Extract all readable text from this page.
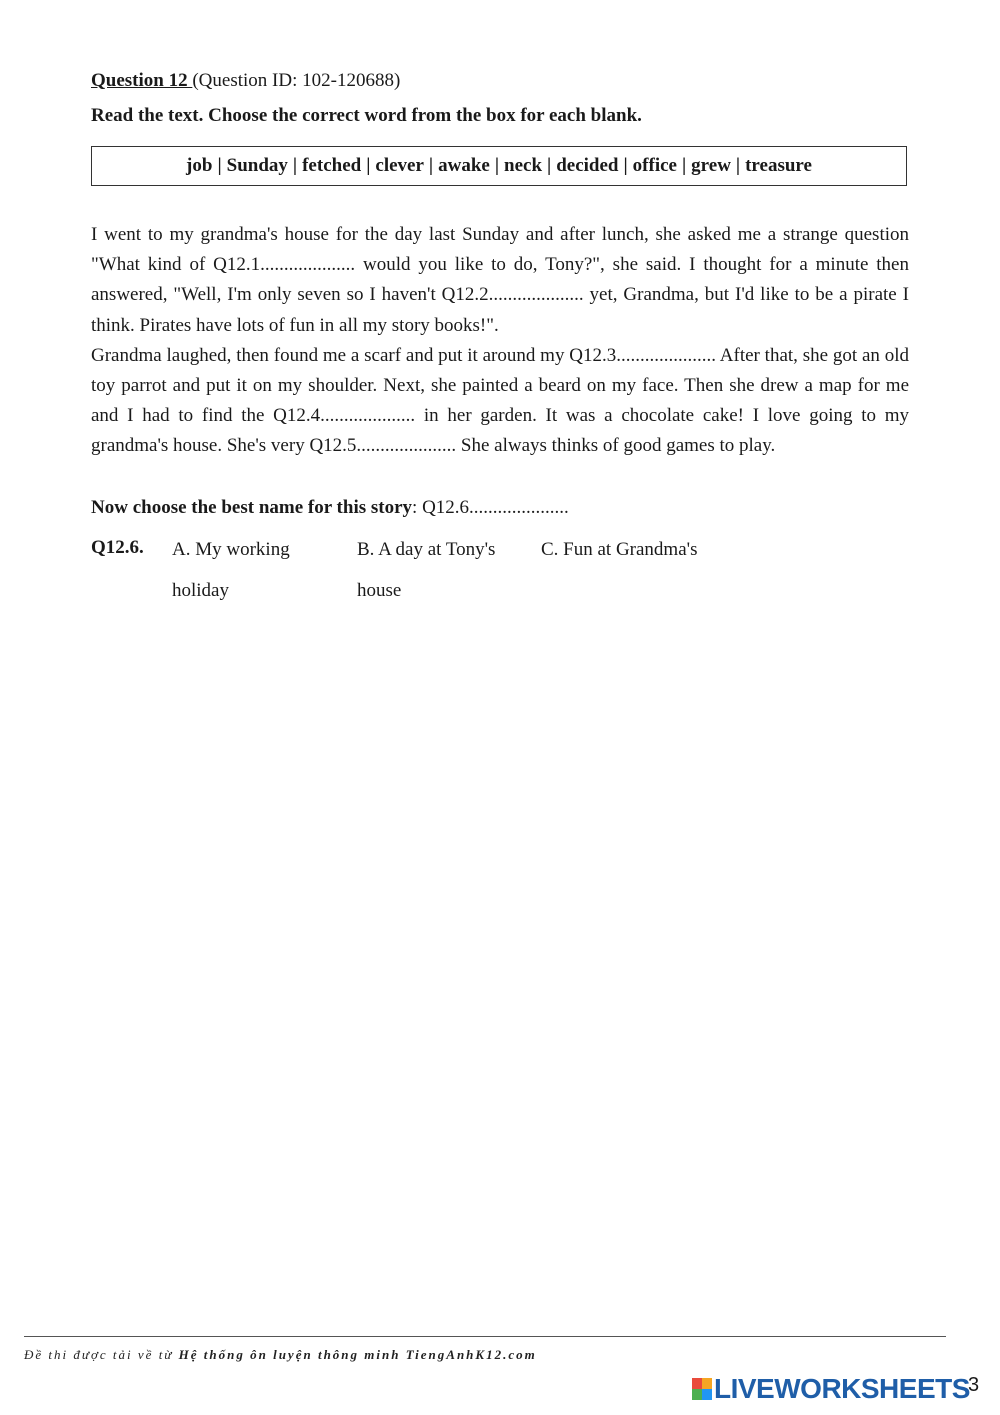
Question 12 (Question ID: 102-120688)
Read the text. Choose the correct word from the box for each blank.
job | Sunday | fetched | clever | awake | neck | decided | office | grew | treasure

I went to my grandma's house for the day last Sunday and after lunch, she asked me a strange question "What kind of Q12.1.................... would you like to do, Tony?", she said. I thought for a minute then answered, "Well, I'm only seven so I haven't Q12.2.................... yet, Grandma, but I'd like to be a pirate I think. Pirates have lots of fun in all my story books!".

Grandma laughed, then found me a scarf and put it around my Q12.3..................... After that, she got an old toy parrot and put it on my shoulder. Next, she painted a beard on my face. Then she drew a map for me and I had to find the Q12.4.................... in her garden. It was a chocolate cake! I love going to my grandma's house. She's very Q12.5..................... She always thinks of good games to play.

Now choose the best name for this story: Q12.6.....................
Q12.6. A. My working holiday
B. A day at Tony's house
C. Fun at Grandma's
Đề thi được tải về từ Hệ thống ôn luyện thông minh TiengAnhK12.com
LIVEWORKSHEETS
3
